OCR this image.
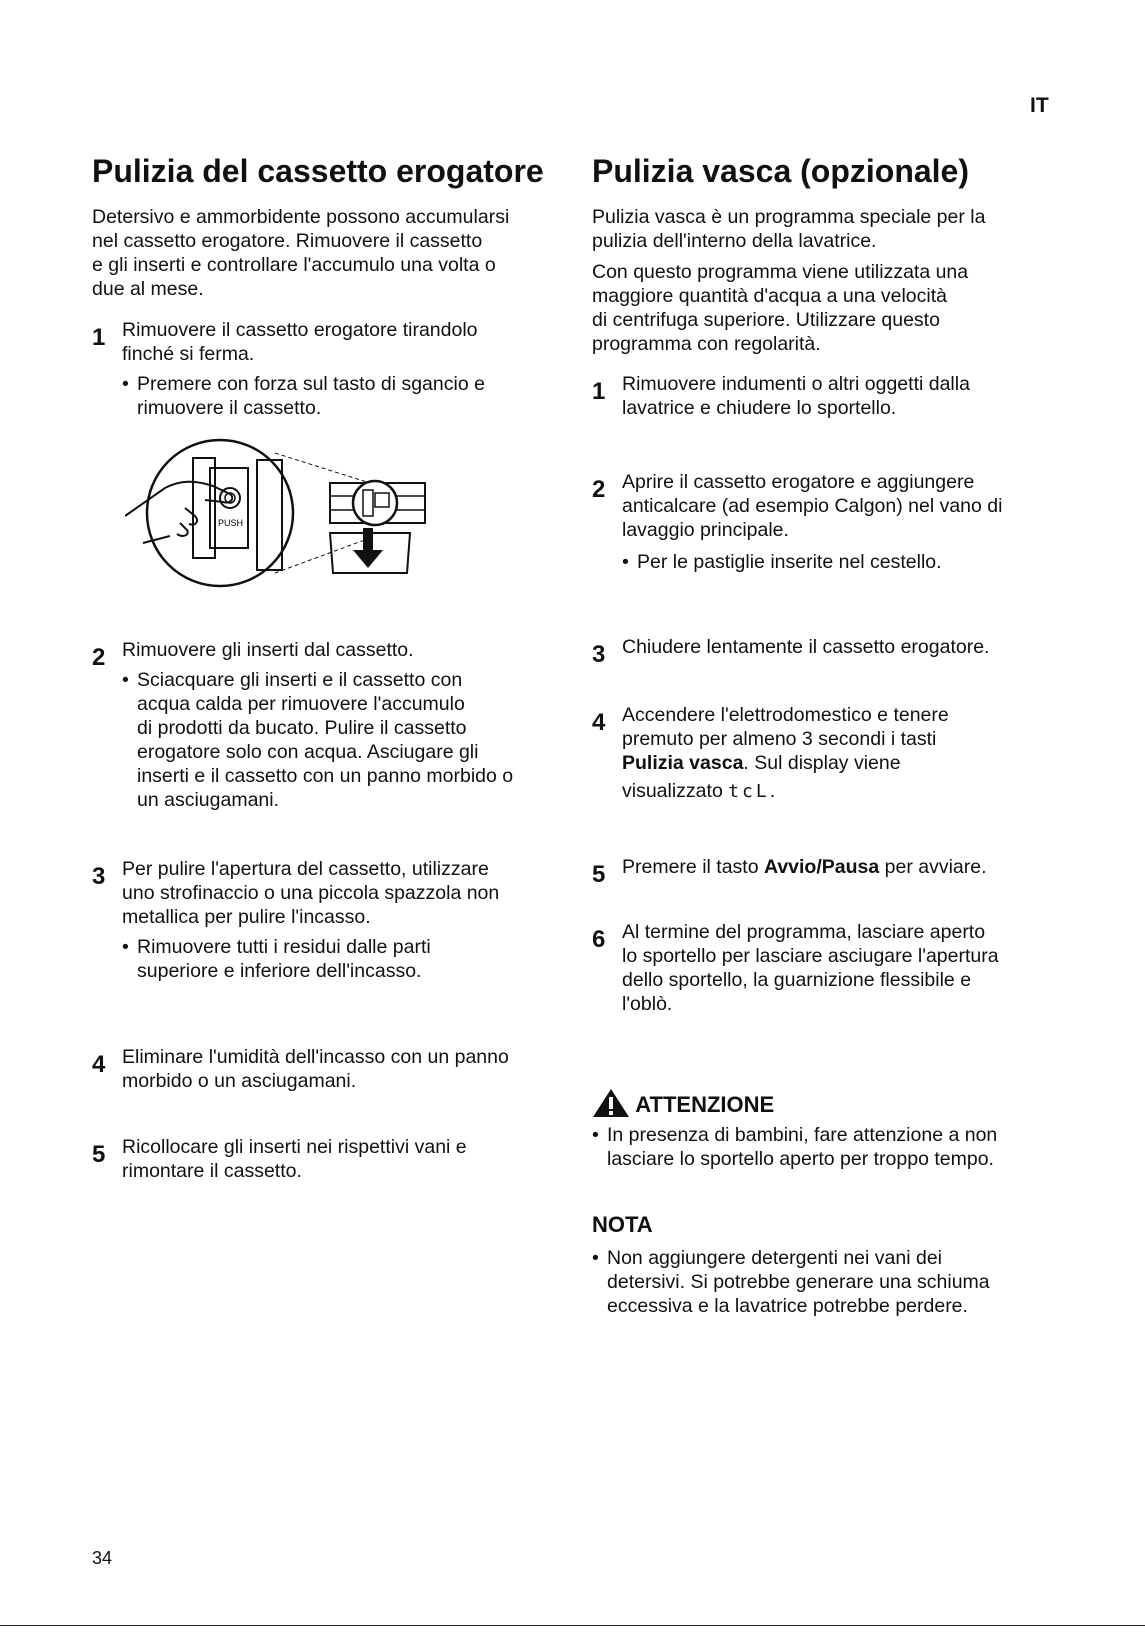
IT
Pulizia del cassetto erogatore

Detersivo e ammorbidente possono accumularsi
nel cassetto erogatore. Rimuovere il cassetto
e gli inserti e controllare l'accumulo una volta o
due al mese.

1 Rimuovere il cassetto erogatore tirandolo
finché si ferma.
• Premere con forza sul tasto di sgancio e
rimuovere il cassetto.
PUSH
2 Rimuovere gli inserti dal cassetto.
• Sciacquare gli inserti e il cassetto con
acqua calda per rimuovere l'accumulo
di prodotti da bucato. Pulire il cassetto
erogatore solo con acqua. Asciugare gli
inserti e il cassetto con un panno morbido o
un asciugamani.
3 Per pulire l'apertura del cassetto, utilizzare
uno strofinaccio o una piccola spazzola non
metallica per pulire l'incasso.
• Rimuovere tutti i residui dalle parti
superiore e inferiore dell'incasso.
4 Eliminare l'umidità dell'incasso con un panno
morbido o un asciugamani.
5 Ricollocare gli inserti nei rispettivi vani e
rimontare il cassetto.
Pulizia vasca (opzionale)

Pulizia vasca è un programma speciale per la
pulizia dell'interno della lavatrice.

Con questo programma viene utilizzata una
maggiore quantità d'acqua a una velocità
di centrifuga superiore. Utilizzare questo
programma con regolarità.

1 Rimuovere indumenti o altri oggetti dalla
lavatrice e chiudere lo sportello.
2 Aprire il cassetto erogatore e aggiungere
anticalcare (ad esempio Calgon) nel vano di
lavaggio principale.
• Per le pastiglie inserite nel cestello.
3 Chiudere lentamente il cassetto erogatore.
4 Accendere l'elettrodomestico e tenere
premuto per almeno 3 secondi i tasti
Pulizia vasca. Sul display viene
visualizzato tcL.
5 Premere il tasto Avvio/Pausa per avviare.
6 Al termine del programma, lasciare aperto
lo sportello per lasciare asciugare l'apertura
dello sportello, la guarnizione flessibile e
l'oblò.
ATTENZIONE
• In presenza di bambini, fare attenzione a non
lasciare lo sportello aperto per troppo tempo.
NOTA
• Non aggiungere detergenti nei vani dei
detersivi. Si potrebbe generare una schiuma
eccessiva e la lavatrice potrebbe perdere.
34
